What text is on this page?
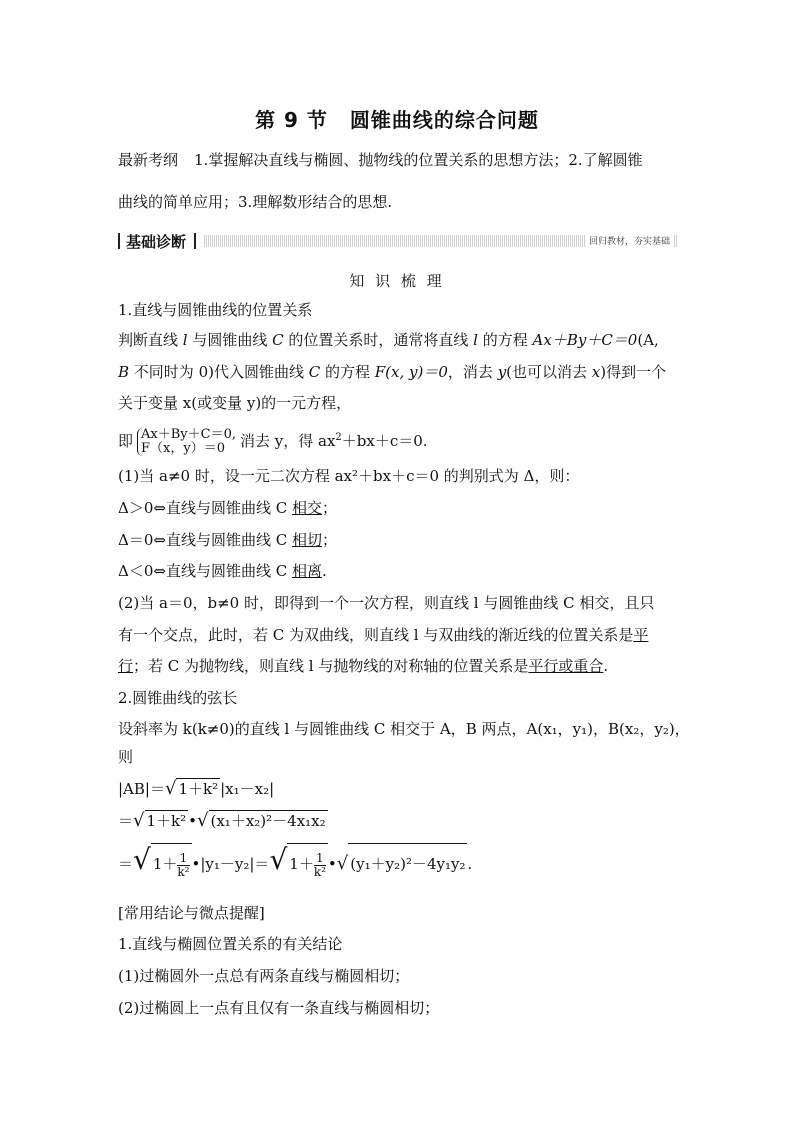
第 9 节 圆锥曲线的综合问题
最新考纲 1.掌握解决直线与椭圆、抛物线的位置关系的思想方法；2.了解圆锥
曲线的简单应用；3.理解数形结合的思想.
基础诊断	回归教材，夯实基础
知 识 梳 理
1.直线与圆锥曲线的位置关系
判断直线 l 与圆锥曲线 C 的位置关系时，通常将直线 l 的方程 Ax＋By＋C＝0(A,
B 不同时为 0)代入圆锥曲线 C 的方程 F(x, y)＝0，消去 y(也可以消去 x)得到一个
关于变量 x(或变量 y)的一元方程，
即 Ax＋By＋C＝0,
F（x，y）＝0	消去 y，得 $ax^2+bx+c=0$.
(1)当 a≠0 时，设一元二次方程 ax²＋bx＋c＝0 的判别式为 Δ，则：
Δ＞0⇔直线与圆锥曲线 C 相交；
Δ＝0⇔直线与圆锥曲线 C 相切；
Δ＜0⇔直线与圆锥曲线 C 相离.
(2)当 a＝0，b≠0 时，即得到一个一次方程，则直线 l 与圆锥曲线 C 相交，且只
有一个交点，此时，若 C 为双曲线，则直线 l 与双曲线的渐近线的位置关系是平
行；若 C 为抛物线，则直线 l 与抛物线的对称轴的位置关系是平行或重合.
2.圆锥曲线的弦长
设斜率为 k(k≠0)的直线 l 与圆锥曲线 C 相交于 A，B 两点，A(x₁，y₁)，B(x₂，y₂)，
则
|AB|＝√ 1＋k² |x₁－x₂|
＝√ 1＋k² •√ (x₁＋x₂)²－4x₁x₂
＝√ $1+ \frac{1}{\text{k²}}$ •|y₁－y₂|＝√ $1+ \frac{1}{\text{k²}}$ •√ (y₁＋y₂)²－4y₁y₂ .
[常用结论与微点提醒]
1.直线与椭圆位置关系的有关结论
(1)过椭圆外一点总有两条直线与椭圆相切；
(2)过椭圆上一点有且仅有一条直线与椭圆相切；
